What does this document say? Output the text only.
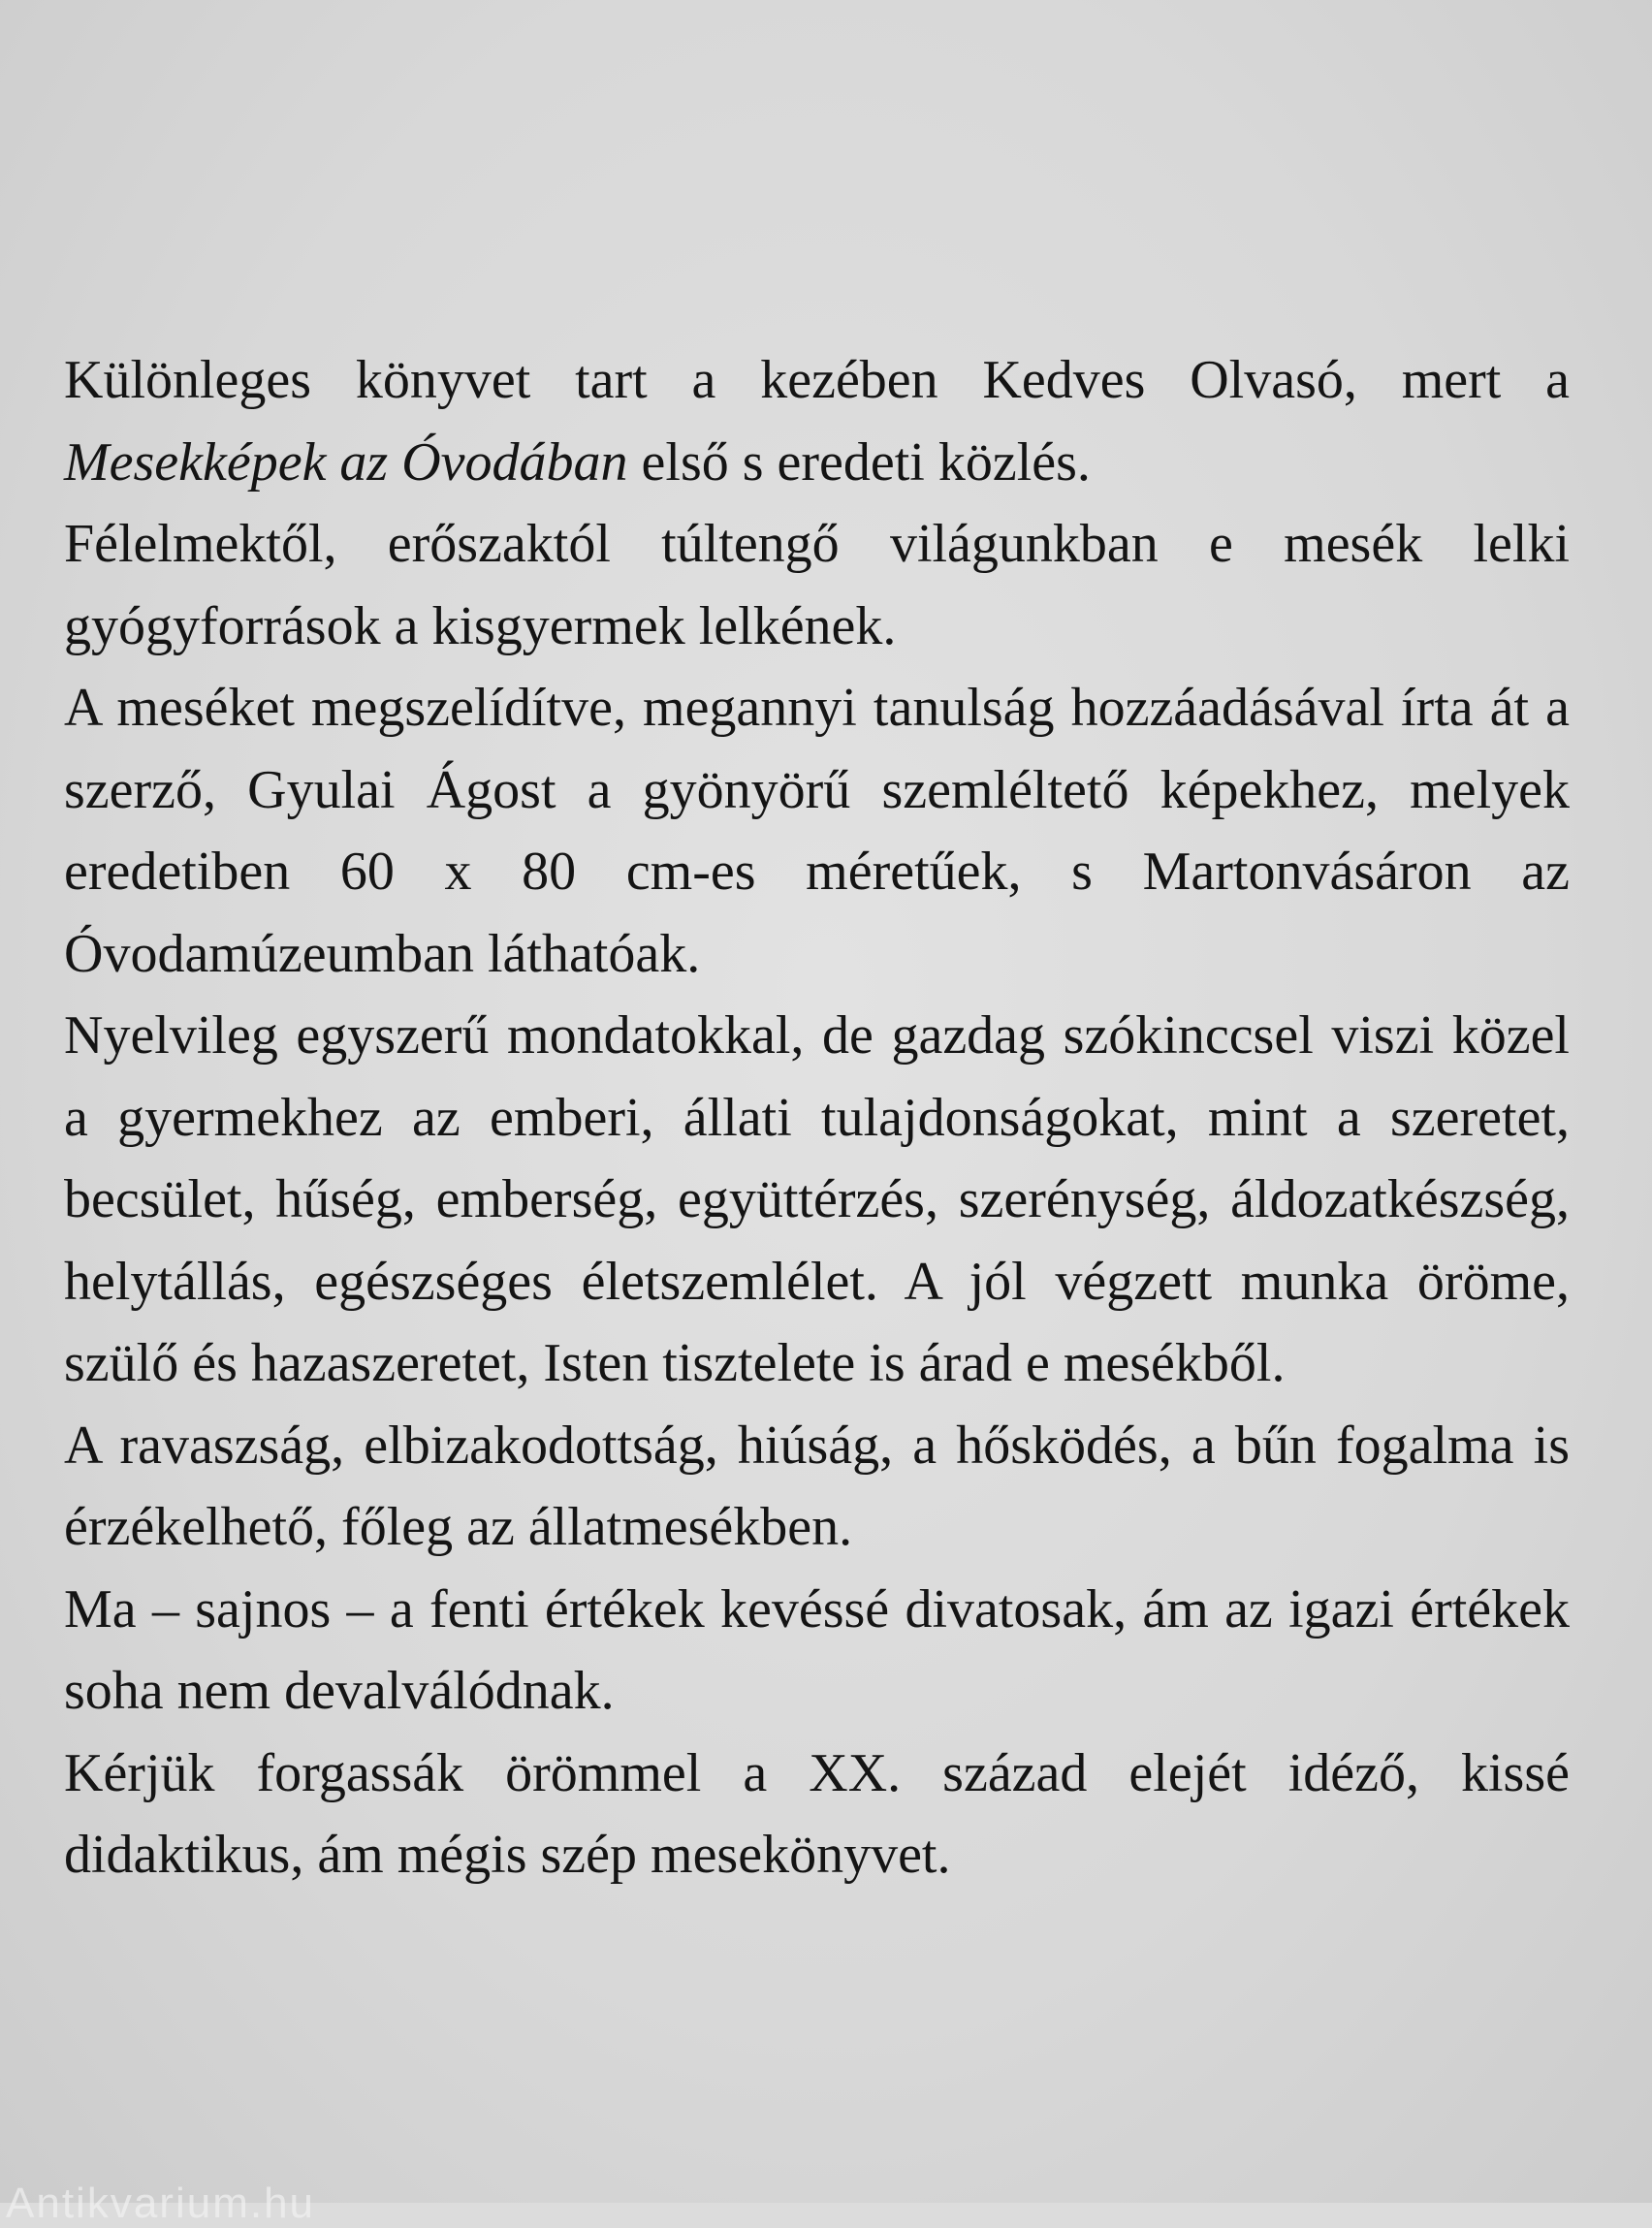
Különleges könyvet tart a kezében Kedves Olvasó, mert a Mesekképek az Óvodában első s eredeti közlés.

Félelmektől, erőszaktól túltengő világunkban e mesék lelki gyógyforrások a kisgyermek lelkének.

A meséket megszelídítve, megannyi tanulság hozzáadásával írta át a szerző, Gyulai Ágost a gyönyörű szemléltető képekhez, melyek eredetiben 60 x 80 cm-es méretűek, s Martonvásáron az Óvodamúzeumban láthatóak.

Nyelvileg egyszerű mondatokkal, de gazdag szókinccsel viszi közel a gyermekhez az emberi, állati tulajdonságokat, mint a szeretet, becsület, hűség, emberség, együttérzés, szerénység, áldozatkészség, helytállás, egészséges életszemlélet. A jól végzett munka öröme, szülő és hazaszeretet, Isten tisztelete is árad e mesékből.

A ravaszság, elbizakodottság, hiúság, a hősködés, a bűn fogalma is érzékelhető, főleg az állatmesékben.

Ma – sajnos – a fenti értékek kevéssé divatosak, ám az igazi értékek soha nem devalválódnak.

Kérjük forgassák örömmel a XX. század elejét idéző, kissé didaktikus, ám mégis szép mesekönyvet.

Antikvarium.hu
